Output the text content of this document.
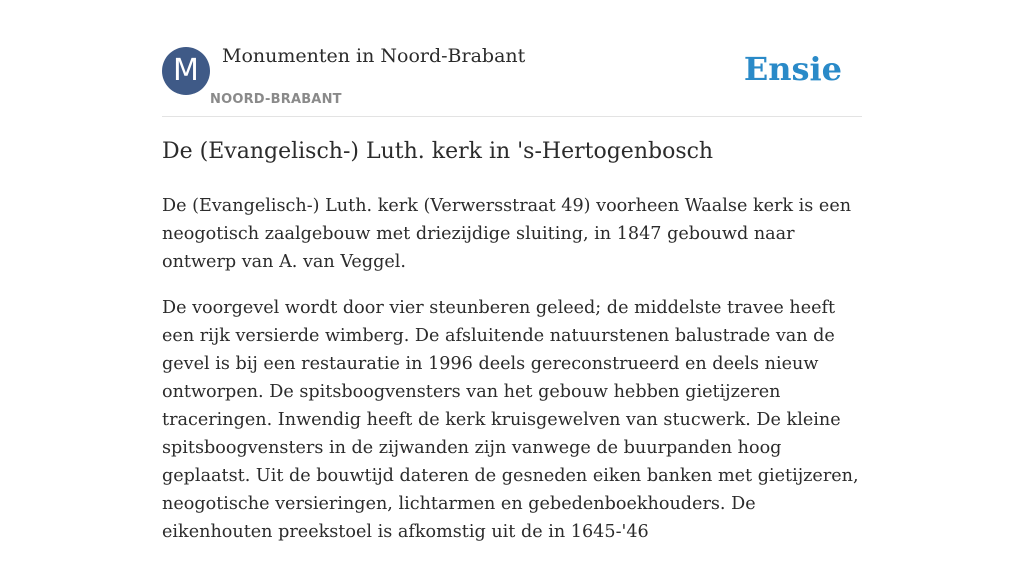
M	Monumenten in Noord-Brabant
NOORD-BRABANT
Ensie
De (Evangelisch-) Luth. kerk in 's-Hertogenbosch

De (Evangelisch-) Luth. kerk (Verwersstraat 49) voorheen Waalse kerk is een neogotisch zaalgebouw met driezijdige sluiting, in 1847 gebouwd naar ontwerp van A. van Veggel.

De voorgevel wordt door vier steunberen geleed; de middelste travee heeft een rijk versierde wimberg. De afsluitende natuurstenen balustrade van de gevel is bij een restauratie in 1996 deels gereconstrueerd en deels nieuw ontworpen. De spitsboogvensters van het gebouw hebben gietijzeren traceringen. Inwendig heeft de kerk kruisgewelven van stucwerk. De kleine spitsboogvensters in de zijwanden zijn vanwege de buurpanden hoog geplaatst. Uit de bouwtijd dateren de gesneden eiken banken met gietijzeren, neogotische versieringen, lichtarmen en gebedenboekhouders. De eikenhouten preekstoel is afkomstig uit de in 1645-'46
